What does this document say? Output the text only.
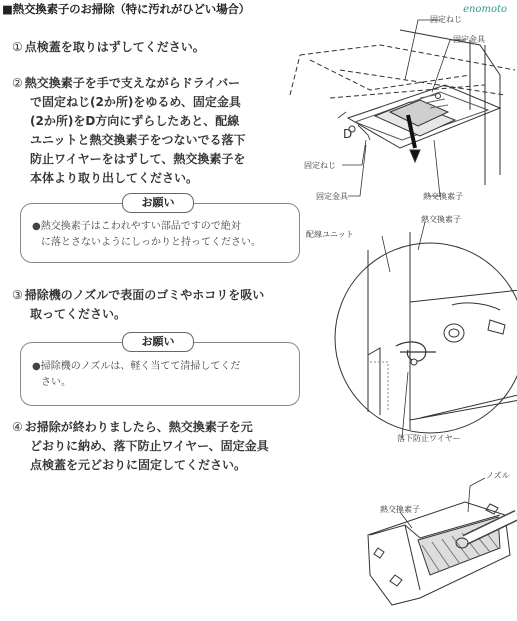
■熱交換素子のお掃除（特に汚れがひどい場合）	enomoto
① 点検蓋を取りはずしてください。
② 熱交換素子を手で支えながらドライバー
で固定ねじ(2か所)をゆるめ、固定金具
(2か所)をD方向にずらしたあと、配線
ユニットと熱交換素子をつないでる落下
防止ワイヤーをはずして、熱交換素子を
本体より取り出してください。
お願い
●熱交換素子はこわれやすい部品ですので絶対
に落とさないようにしっかりと持ってください。
③ 掃除機のノズルで表面のゴミやホコリを吸い
取ってください。
お願い
●掃除機のノズルは、軽く当てて清掃してくだ
さい。
④ お掃除が終わりましたら、熱交換素子を元
どおりに納め、落下防止ワイヤー、固定金具
点検蓋を元どおりに固定してください。
固定ねじ
固定金具
D
固定ねじ
固定金具	熱交換素子
熱交換素子
配線ユニット
落下防止ワイヤー
ノズル
熱交換素子
